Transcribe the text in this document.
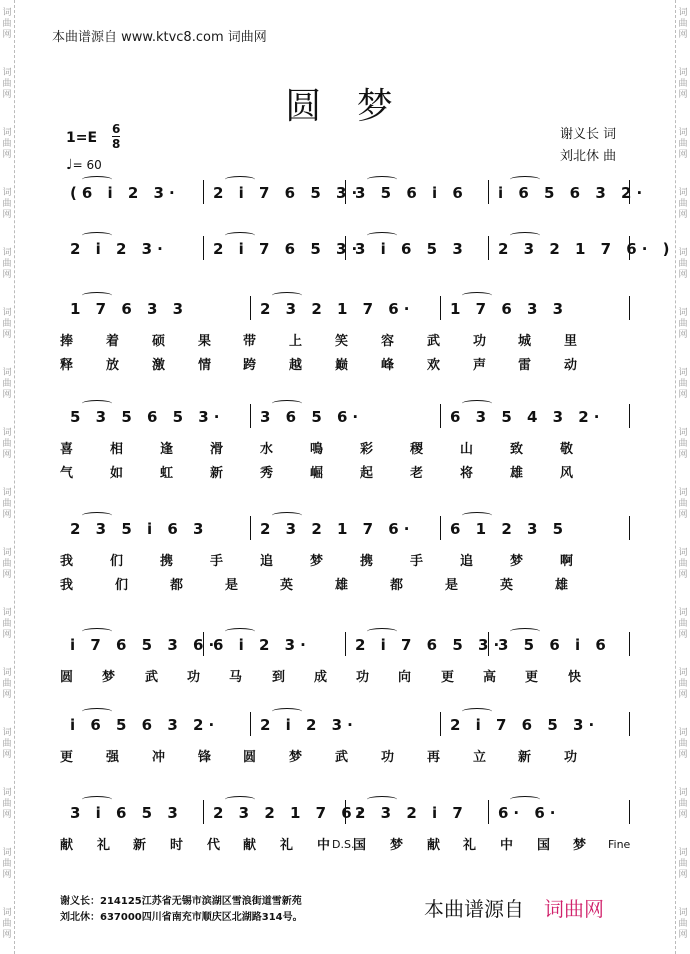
词
曲
网
词
曲
网
词
曲
网
词
曲
网
词
曲
网
词
曲
网
词
曲
网
词
曲
网
词
曲
网
词
曲
网
词
曲
网
词
曲
网
词
曲
网
词
曲
网
词
曲
网
词
曲
网
词
曲
网
词
曲
网
词
曲
网
词
曲
网
词
曲
网
词
曲
网
词
曲
网
词
曲
网
词
曲
网
词
曲
网
词
曲
网
词
曲
网
词
曲
网
词
曲
网
词
曲
网
词
曲
网
本曲谱源自 www.ktvc8.com 词曲网
圆 梦
1=E
6
8
♩= 60
谢义长 词
刘北休 曲
(6 i 2 3· 2 i 7 6 5 3·
3 5 6 i 6 i 6 5 6 3 2·
2 i 2 3·	2 i 7 6 5 3·
3 i 6 5 3 2 3 2 1 7 6· )
1 7 6 3 3	2 3 2 1 7 6· 1 7 6 3 3
捧 着 硕 果 带 上 笑 容 武 功 城 里
释 放 激 情 跨 越 巅 峰 欢 声 雷 动
5 3 5 6 5 3· 3 6 5 6·	6 3 5 4 3 2·
喜	相	逢	滑	水	鳴	彩	稷	山	致	敬
气	如	虹	新	秀	崛	起	老	将	雄	风
2 3 5 i 6 3	2 3 2 1 7 6· 6 1 2 3 5
我	们	携	手	追	梦	携	手	追	梦	啊
我	们	都	是	英	雄	都	是	英	雄
i 7 6 5 3 6·
6 i 2 3·	2 i 7 6 5 3·
3 5 6 i 6
圆 梦 武 功 马 到 成 功 向 更 高 更 快
i 6 5 6 3 2·	2 i 2 3·	2 i 7 6 5 3·
更 强 冲 锋 圆 梦 武 功 再 立 新 功
3 i 6 5 3 2 3 2 1 7 6·
2 3 2 i 7 6· 6·
献 礼 新 时 代 献 礼 中 国 梦 献 礼 中 国 梦
D.S.	Fine
谢义长：214125江苏省无锡市滨湖区雪浪街道雪新苑
刘北休：637000四川省南充市顺庆区北湖路314号。	本曲谱源自 词曲网
